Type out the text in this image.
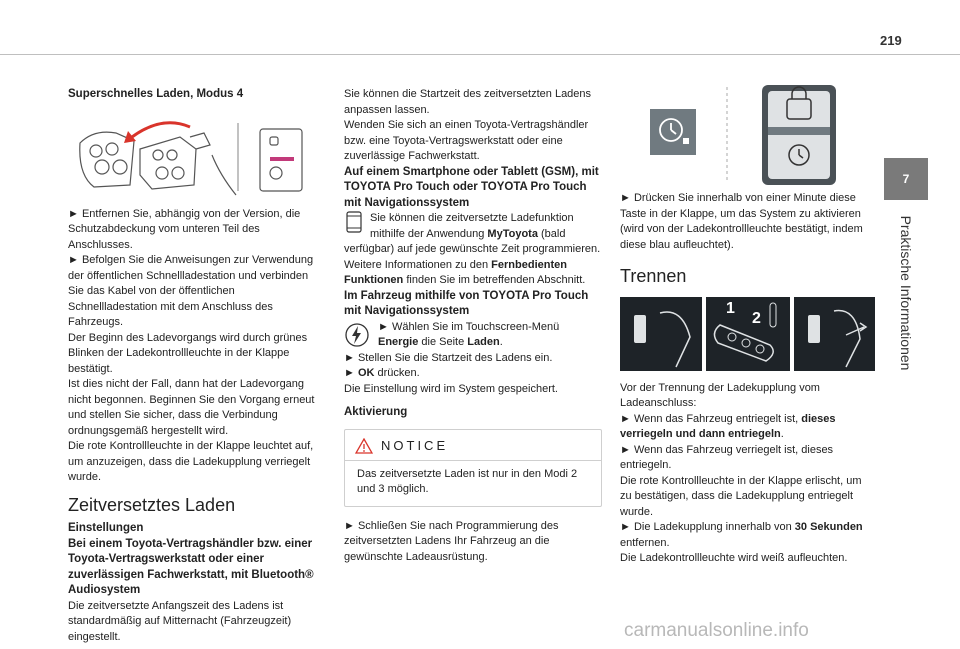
219
7
Praktische Informationen

Superschnelles Laden, Modus 4

► Entfernen Sie, abhängig von der Version, die Schutzabdeckung vom unteren Teil des Anschlusses.

► Befolgen Sie die Anweisungen zur Verwendung der öffentlichen Schnellladestation und verbinden Sie das Kabel von der öffentlichen Schnellladestation mit dem Anschluss des Fahrzeugs.

Der Beginn des Ladevorgangs wird durch grünes Blinken der Ladekontrollleuchte in der Klappe bestätigt.

Ist dies nicht der Fall, dann hat der Ladevorgang nicht begonnen. Beginnen Sie den Vorgang erneut und stellen Sie sicher, dass die Verbindung ordnungsgemäß hergestellt wird.

Die rote Kontrollleuchte in der Klappe leuchtet auf, um anzuzeigen, dass die Ladekupplung verriegelt wurde.

Zeitversetztes Laden

Einstellungen

Bei einem Toyota-Vertragshändler bzw. einer Toyota-Vertragswerkstatt oder einer zuverlässigen Fachwerkstatt, mit Bluetooth® Audiosystem

Die zeitversetzte Anfangszeit des Ladens ist standardmäßig auf Mitternacht (Fahrzeugzeit) eingestellt.

Sie können die Startzeit des zeitversetzten Ladens anpassen lassen.

Wenden Sie sich an einen Toyota-Vertragshändler bzw. eine Toyota-Vertragswerkstatt oder eine zuverlässige Fachwerkstatt.

Auf einem Smartphone oder Tablett (GSM), mit TOYOTA Pro Touch oder TOYOTA Pro Touch mit Navigationssystem

Sie können die zeitversetzte Ladefunktion mithilfe der Anwendung MyToyota (bald verfügbar) auf jede gewünschte Zeit programmieren.

Weitere Informationen zu den Fernbedienten Funktionen finden Sie im betreffenden Abschnitt.

Im Fahrzeug mithilfe von TOYOTA Pro Touch mit Navigationssystem

► Wählen Sie im Touchscreen-Menü Energie die Seite Laden.

► Stellen Sie die Startzeit des Ladens ein.

► OK drücken.

Die Einstellung wird im System gespeichert.

Aktivierung

NOTICE
Das zeitversetzte Laden ist nur in den Modi 2 und 3 möglich.

► Schließen Sie nach Programmierung des zeitversetzten Ladens Ihr Fahrzeug an die gewünschte Ladeausrüstung.

► Drücken Sie innerhalb von einer Minute diese Taste in der Klappe, um das System zu aktivieren (wird von der Ladekontrollleuchte bestätigt, indem diese blau aufleuchtet).

Trennen
1
2

Vor der Trennung der Ladekupplung vom Ladeanschluss:

► Wenn das Fahrzeug entriegelt ist, dieses verriegeln und dann entriegeln.

► Wenn das Fahrzeug verriegelt ist, dieses entriegeln.

Die rote Kontrollleuchte in der Klappe erlischt, um zu bestätigen, dass die Ladekupplung entriegelt wurde.

► Die Ladekupplung innerhalb von 30 Sekunden entfernen.

Die Ladekontrollleuchte wird weiß aufleuchten.

carmanualsonline.info
